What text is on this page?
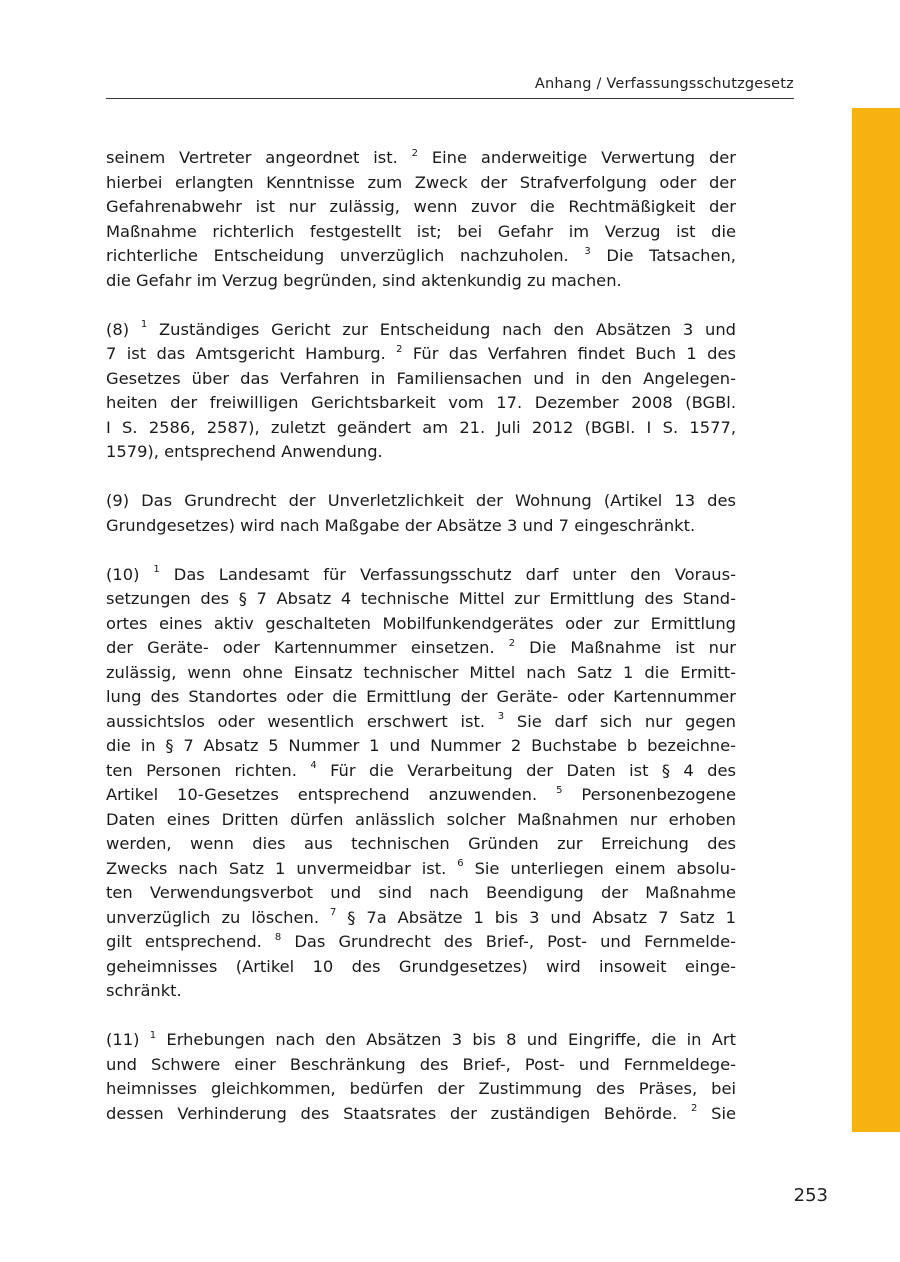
Anhang / Verfassungsschutzgesetz
seinem Vertreter angeordnet ist. $^2$ Eine anderweitige Verwertung der
hierbei erlangten Kenntnisse zum Zweck der Strafverfolgung oder der
Gefahrenabwehr ist nur zulässig, wenn zuvor die Rechtmäßigkeit der
Maßnahme richterlich festgestellt ist; bei Gefahr im Verzug ist die
richterliche Entscheidung unverzüglich nachzuholen. $^3$ Die Tatsachen,
die Gefahr im Verzug begründen, sind aktenkundig zu machen.
(8) $^1$ Zuständiges Gericht zur Entscheidung nach den Absätzen 3 und
7 ist das Amtsgericht Hamburg. $^2$ Für das Verfahren findet Buch 1 des
Gesetzes über das Verfahren in Familiensachen und in den Angelegen-
heiten der freiwilligen Gerichtsbarkeit vom 17. Dezember 2008 (BGBl.
I S. 2586, 2587), zuletzt geändert am 21. Juli 2012 (BGBl. I S. 1577,
1579), entsprechend Anwendung.
(9) Das Grundrecht der Unverletzlichkeit der Wohnung (Artikel 13 des
Grundgesetzes) wird nach Maßgabe der Absätze 3 und 7 eingeschränkt.
(10) $^1$ Das Landesamt für Verfassungsschutz darf unter den Voraus-
setzungen des § 7 Absatz 4 technische Mittel zur Ermittlung des Stand-
ortes eines aktiv geschalteten Mobilfunkendgerätes oder zur Ermittlung
der Geräte- oder Kartennummer einsetzen. $^2$ Die Maßnahme ist nur
zulässig, wenn ohne Einsatz technischer Mittel nach Satz 1 die Ermitt-
lung des Standortes oder die Ermittlung der Geräte- oder Kartennummer
aussichtslos oder wesentlich erschwert ist. $^3$ Sie darf sich nur gegen
die in § 7 Absatz 5 Nummer 1 und Nummer 2 Buchstabe b bezeichne-
ten Personen richten. $^4$ Für die Verarbeitung der Daten ist § 4 des
Artikel 10-Gesetzes entsprechend anzuwenden. $^5$ Personenbezogene
Daten eines Dritten dürfen anlässlich solcher Maßnahmen nur erhoben
werden, wenn dies aus technischen Gründen zur Erreichung des
Zwecks nach Satz 1 unvermeidbar ist. $^6$ Sie unterliegen einem absolu-
ten Verwendungsverbot und sind nach Beendigung der Maßnahme
unverzüglich zu löschen. $^7$ § 7a Absätze 1 bis 3 und Absatz 7 Satz 1
gilt entsprechend. $^8$ Das Grundrecht des Brief-, Post- und Fernmelde-
geheimnisses (Artikel 10 des Grundgesetzes) wird insoweit einge-
schränkt.
(11) $^1$ Erhebungen nach den Absätzen 3 bis 8 und Eingriffe, die in Art
und Schwere einer Beschränkung des Brief-, Post- und Fernmeldege-
heimnisses gleichkommen, bedürfen der Zustimmung des Präses, bei
dessen Verhinderung des Staatsrates der zuständigen Behörde. $^2$ Sie
253
